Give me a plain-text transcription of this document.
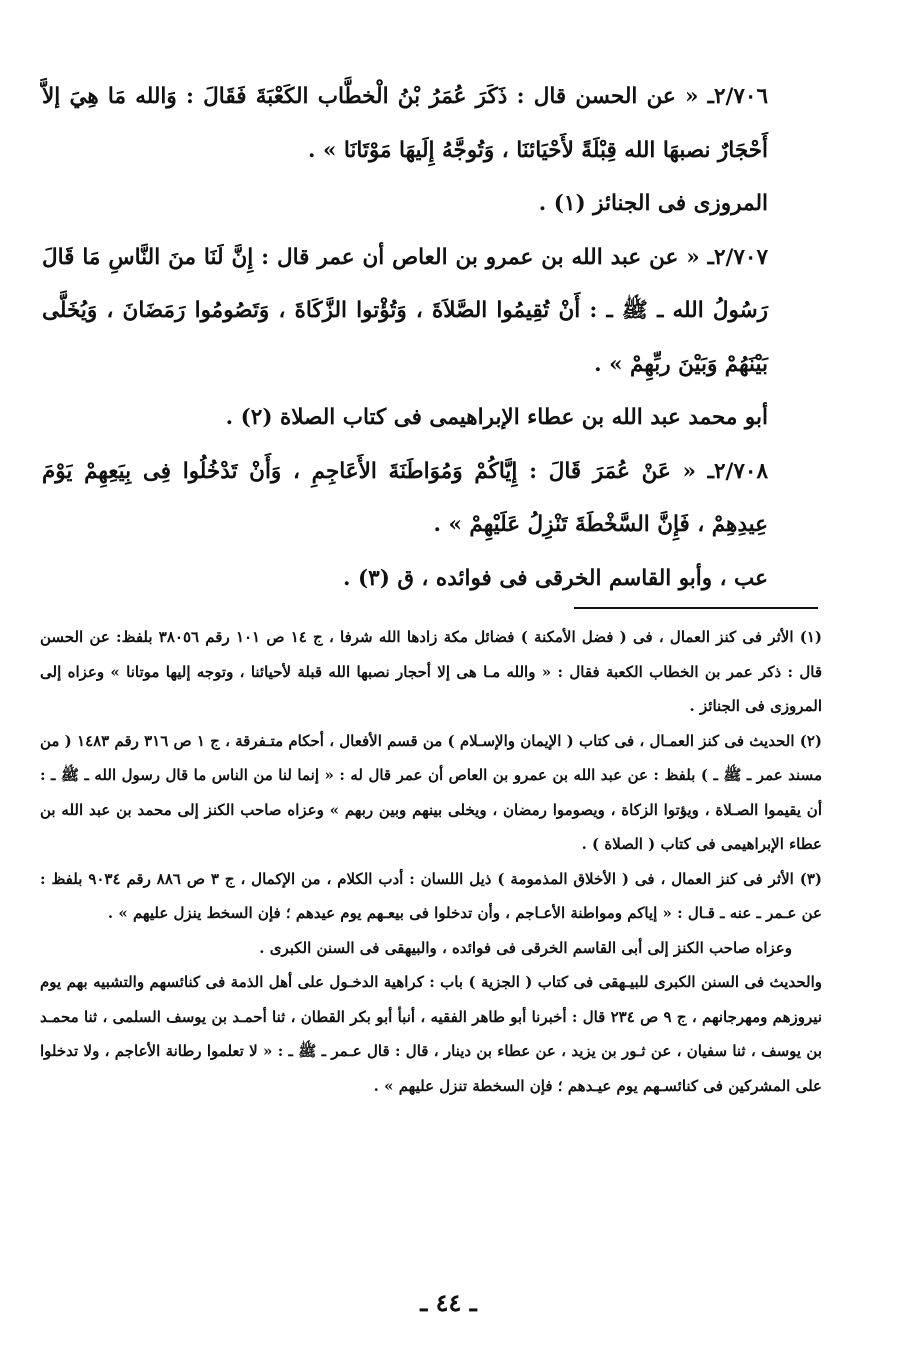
٢/٧٠٦ـ « عن الحسن قال : ذَكَرَ عُمَرُ بْنُ الْخطَّاب الكَعْبَةَ فَقَالَ : وَالله مَا هِيَ إلاَّ أَحْجَارٌ نصبهَا الله قِبْلَةً لأَحْيَائنَا ، وَتُوجَّهُ إِلَيهَا مَوْتَانَا » .

المروزى فى الجنائز (١) .

٢/٧٠٧ـ « عن عبد الله بن عمرو بن العاص أن عمر قال : إِنَّ لَنَا منَ النَّاسِ مَا قَالَ رَسُولُ الله ـ ﷺ ـ : أَنْ تُقِيمُوا الصَّلاَةَ ، وَتُؤْتوا الزَّكَاةَ ، وَتَصُومُوا رَمَضَانَ ، وَيُخَلَّى بَيْنَهُمْ وَبَيْنَ ربِّهِمْ » .

أبو محمد عبد الله بن عطاء الإبراهيمى فى كتاب الصلاة (٢) .

٢/٧٠٨ـ « عَنْ عُمَرَ قَالَ : إِيَّاكُمْ وَمُوَاطَنَةَ الأَعَاجِمِ ، وَأَنْ تَدْخُلُوا فِى بِيَعِهِمْ يَوْمَ عِيدِهِمْ ، فَإِنَّ السَّخْطَةَ تَنْزِلُ عَلَيْهِمْ » .

عب ، وأبو القاسم الخرقى فى فوائده ، ق (٣) .

(١) الأثر فى كنز العمال ، فى ( فضل الأمكنة ) فضائل مكة زادها الله شرفا ، ج ١٤ ص ١٠١ رقم ٣٨٠٥٦ بلفظ: عن الحسن قال : ذكر عمر بن الخطاب الكعبة فقال : « والله مـا هى إلا أحجار نصبها الله قبلة لأحيائنا ، وتوجه إليها موتانا » وعزاه إلى المروزى فى الجنائز .

(٢) الحديث فى كنز العمـال ، فى كتاب ( الإيمان والإسـلام ) من قسم الأفعال ، أحكام متـفرقة ، ج ١ ص ٣١٦ رقم ١٤٨٣ ( من مسند عمر ـ ﷺ ـ ) بلفظ : عن عبد الله بن عمرو بن العاص أن عمر قال له : « إنما لنا من الناس ما قال رسول الله ـ ﷺ ـ : أن يقيموا الصـلاة ، ويؤتوا الزكاة ، ويصوموا رمضان ، ويخلى بينهم وبين ربهم » وعزاه صاحب الكنز إلى محمد بن عبد الله بن عطاء الإبراهيمى فى كتاب ( الصلاة ) .

(٣) الأثر فى كنز العمال ، فى ( الأخلاق المذمومة ) ذيل اللسان : أدب الكلام ، من الإكمال ، ج ٣ ص ٨٨٦ رقم ٩٠٣٤ بلفظ : عن عـمر ـ عنه ـ قـال : « إياكم ومواطنة الأعـاجم ، وأن تدخلوا فى بيعـهم يوم عيدهم ؛ فإن السخط ينزل عليهم » .

وعزاه صاحب الكنز إلى أبى القاسم الخرقى فى فوائده ، والبيهقى فى السنن الكبرى .

والحديث فى السنن الكبرى للبيـهقى فى كتاب ( الجزية ) باب : كراهية الدخـول على أهل الذمة فى كنائسهم والتشبيه بهم يوم نيروزهم ومهرجانهم ، ج ٩ ص ٢٣٤ قال : أخبرنا أبو طاهر الفقيه ، أنبأ أبو بكر القطان ، ثنا أحمـد بن يوسف السلمى ، ثنا محمـد بن يوسف ، ثنا سفيان ، عن ثـور بن يزيد ، عن عطاء بن دينار ، قال : قال عـمر ـ ﷺ ـ : « لا تعلموا رطانة الأعاجم ، ولا تدخلوا على المشركين فى كنائسـهم يوم عيـدهم ؛ فإن السخطة تنزل عليهم » .

ـ ٤٤ ـ
